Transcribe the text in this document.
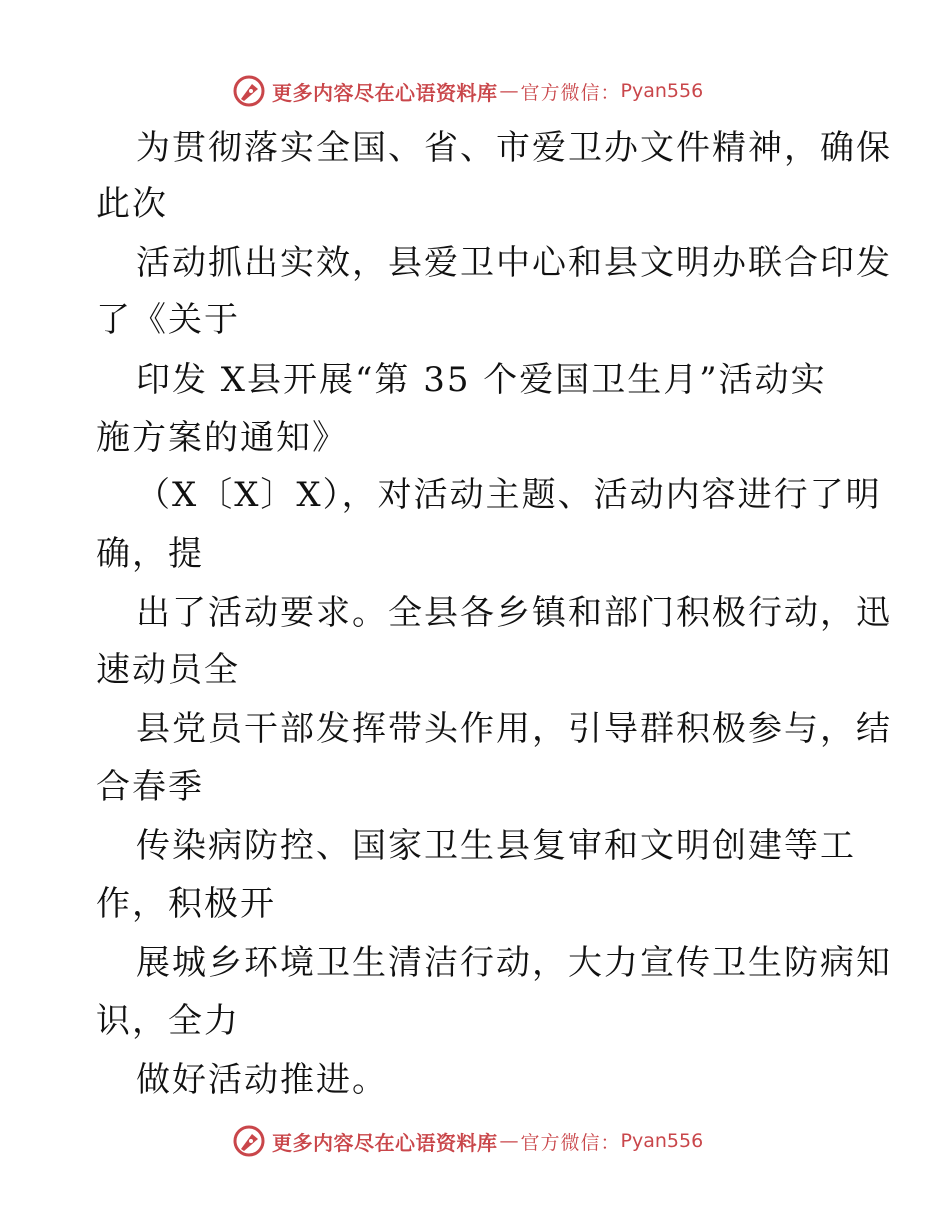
更多内容尽在心语资料库 — 官方微信： Pyan556
为贯彻落实全国、省、市爱卫办文件精神，确保
此次
活动抓出实效，县爱卫中心和县文明办联合印发
了《关于
印发 X县开展“第 35 个爱国卫生月”活动实
施方案的通知》
（X〔X〕X），对活动主题、活动内容进行了明
确，提
出了活动要求。全县各乡镇和部门积极行动，迅
速动员全
县党员干部发挥带头作用，引导群积极参与，结
合春季
传染病防控、国家卫生县复审和文明创建等工
作，积极开
展城乡环境卫生清洁行动，大力宣传卫生防病知
识，全力
做好活动推进。
更多内容尽在心语资料库 — 官方微信： Pyan556
